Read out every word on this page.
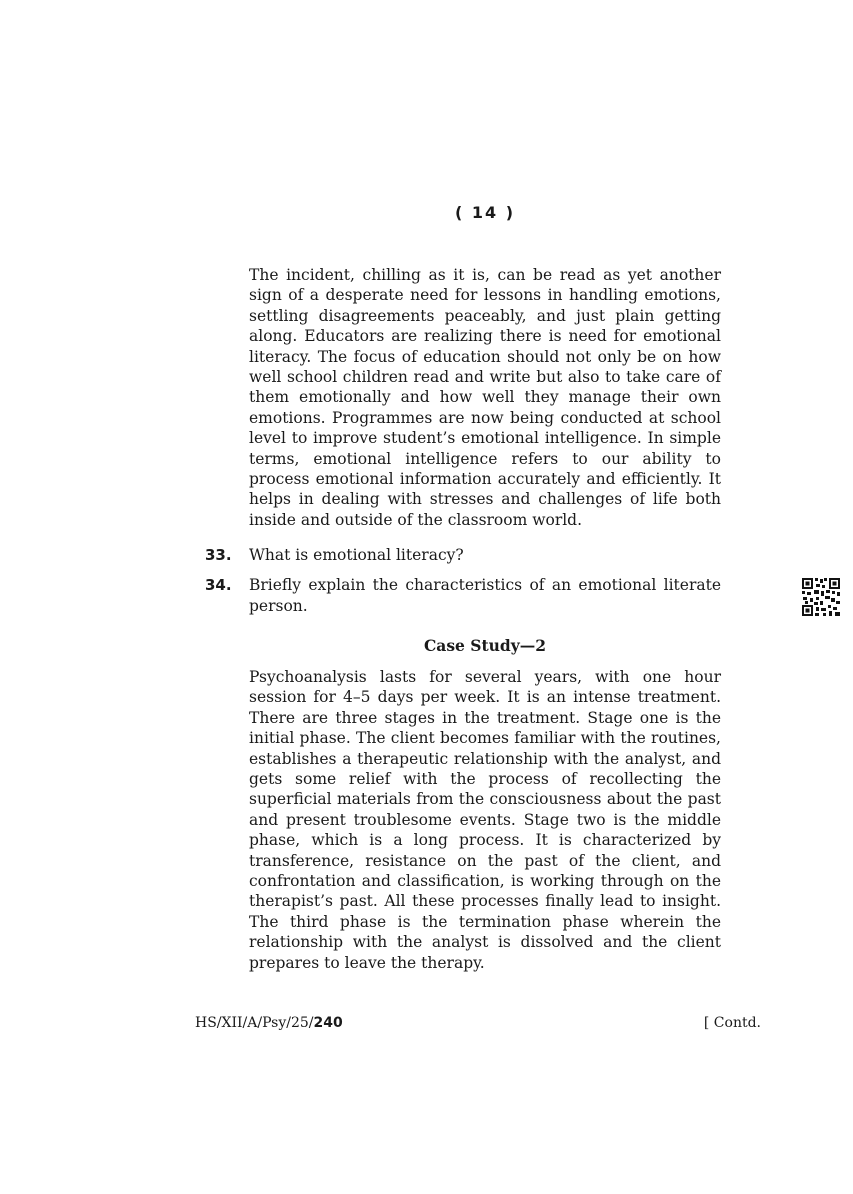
( 14 )

The incident, chilling as it is, can be read as yet another sign of a desperate need for lessons in handling emotions, settling disagreements peaceably, and just plain getting along. Educators are realizing there is need for emotional literacy. The focus of education should not only be on how well school children read and write but also to take care of them emotionally and how well they manage their own emotions. Programmes are now being conducted at school level to improve student’s emotional intelligence. In simple terms, emotional intelligence refers to our ability to process emotional information accurately and efficiently. It helps in dealing with stresses and challenges of life both inside and outside of the classroom world.

33. What is emotional literacy?
34. Briefly explain the characteristics of an emotional literate person.
Case Study—2

Psychoanalysis lasts for several years, with one hour session for 4–5 days per week. It is an intense treatment. There are three stages in the treatment. Stage one is the initial phase. The client becomes familiar with the routines, establishes a therapeutic relationship with the analyst, and gets some relief with the process of recollecting the superficial materials from the consciousness about the past and present troublesome events. Stage two is the middle phase, which is a long process. It is characterized by transference, resistance on the past of the client, and confrontation and classification, is working through on the therapist’s past. All these processes finally lead to insight. The third phase is the termination phase wherein the relationship with the analyst is dissolved and the client prepares to leave the therapy.

HS/XII/A/Psy/25/240	[ Contd.
